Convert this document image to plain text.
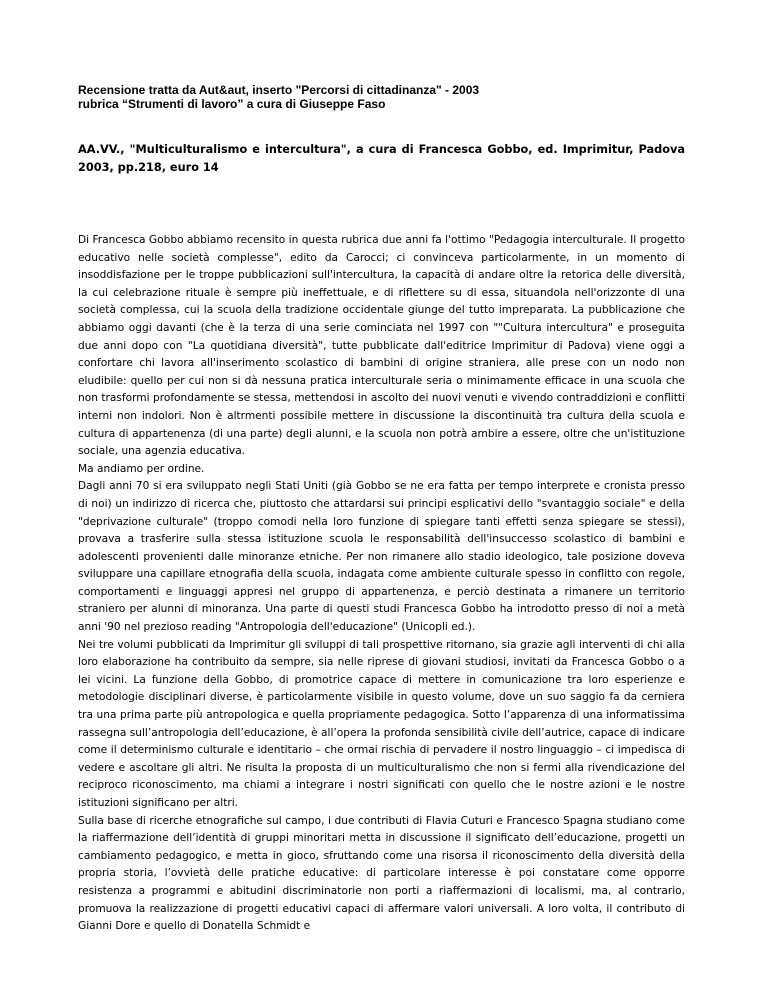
Recensione tratta da Aut&aut, inserto "Percorsi di cittadinanza" - 2003
rubrica “Strumenti di lavoro” a cura di Giuseppe Faso
AA.VV., "Multiculturalismo e intercultura", a cura di Francesca Gobbo, ed. Imprimitur, Padova 2003, pp.218, euro 14

Di Francesca Gobbo abbiamo recensito in questa rubrica due anni fa l'ottimo "Pedagogia interculturale. Il progetto educativo nelle società complesse", edito da Carocci; ci convinceva particolarmente, in un momento di insoddisfazione per le troppe pubblicazioni sull'intercultura, la capacità di andare oltre la retorica delle diversità, la cui celebrazione rituale è sempre più ineffettuale, e di riflettere su di essa, situandola nell'orizzonte di una società complessa, cui la scuola della tradizione occidentale giunge del tutto impreparata. La pubblicazione che abbiamo oggi davanti (che è la terza di una serie cominciata nel 1997 con ""Cultura intercultura" e proseguita due anni dopo con "La quotidiana diversità", tutte pubblicate dall'editrice Imprimitur di Padova) viene oggi a confortare chi lavora all'inserimento scolastico di bambini di origine straniera, alle prese con un nodo non eludibile: quello per cui non si dà nessuna pratica interculturale seria o minimamente efficace in una scuola che non trasformi profondamente se stessa, mettendosi in ascolto dei nuovi venuti e vivendo contraddizioni e conflitti interni non indolori. Non è altrmenti possibile mettere in discussione la discontinuità tra cultura della scuola e cultura di appartenenza (di una parte) degli alunni, e la scuola non potrà ambire a essere, oltre che un'istituzione sociale, una agenzia educativa.

Ma andiamo per ordine.

Dagli anni 70 si era sviluppato negli Stati Uniti (già Gobbo se ne era fatta per tempo interprete e cronista presso di noi) un indirizzo di ricerca che, piuttosto che attardarsi sui principi esplicativi dello "svantaggio sociale" e della "deprivazione culturale" (troppo comodi nella loro funzione di spiegare tanti effetti senza spiegare se stessi), provava a trasferire sulla stessa istituzione scuola le responsabilità dell'insuccesso scolastico di bambini e adolescenti provenienti dalle minoranze etniche. Per non rimanere allo stadio ideologico, tale posizione doveva sviluppare una capillare etnografia della scuola, indagata come ambiente culturale spesso in conflitto con regole, comportamenti e linguaggi appresi nel gruppo di appartenenza, e perciò destinata a rimanere un territorio straniero per alunni di minoranza. Una parte di questi studi Francesca Gobbo ha introdotto presso di noi a metà anni '90 nel prezioso reading "Antropologia dell'educazione" (Unicopli ed.).

Nei tre volumi pubblicati da Imprimitur gli sviluppi di tali prospettive ritornano, sia grazie agli interventi di chi alla loro elaborazione ha contribuito da sempre, sia nelle riprese di giovani studiosi, invitati da Francesca Gobbo o a lei vicini. La funzione della Gobbo, di promotrice capace di mettere in comunicazione tra loro esperienze e metodologie disciplinari diverse, è particolarmente visibile in questo volume, dove un suo saggio fa da cerniera tra una prima parte più antropologica e quella propriamente pedagogica. Sotto l’apparenza di una informatissima rassegna sull’antropologia dell’educazione, è all’opera la profonda sensibilità civile dell’autrice, capace di indicare come il determinismo culturale e identitario – che ormai rischia di pervadere il nostro linguaggio – ci impedisca di vedere e ascoltare gli altri. Ne risulta la proposta di un multiculturalismo che non si fermi alla rivendicazione del reciproco riconoscimento, ma chiami a integrare i nostri significati con quello che le nostre azioni e le nostre istituzioni significano per altri.

Sulla base di ricerche etnografiche sul campo, i due contributi di Flavia Cuturi e Francesco Spagna studiano come la riaffermazione dell’identità di gruppi minoritari metta in discussione il significato dell’educazione, progetti un cambiamento pedagogico, e metta in gioco, sfruttando come una risorsa il riconoscimento della diversità della propria storia, l’ovvietà delle pratiche educative: di particolare interesse è poi constatare come opporre resistenza a programmi e abitudini discriminatorie non porti a riaffermazioni di localismi, ma, al contrario, promuova la realizzazione di progetti educativi capaci di affermare valori universali. A loro volta, il contributo di Gianni Dore e quello di Donatella Schmidt e
